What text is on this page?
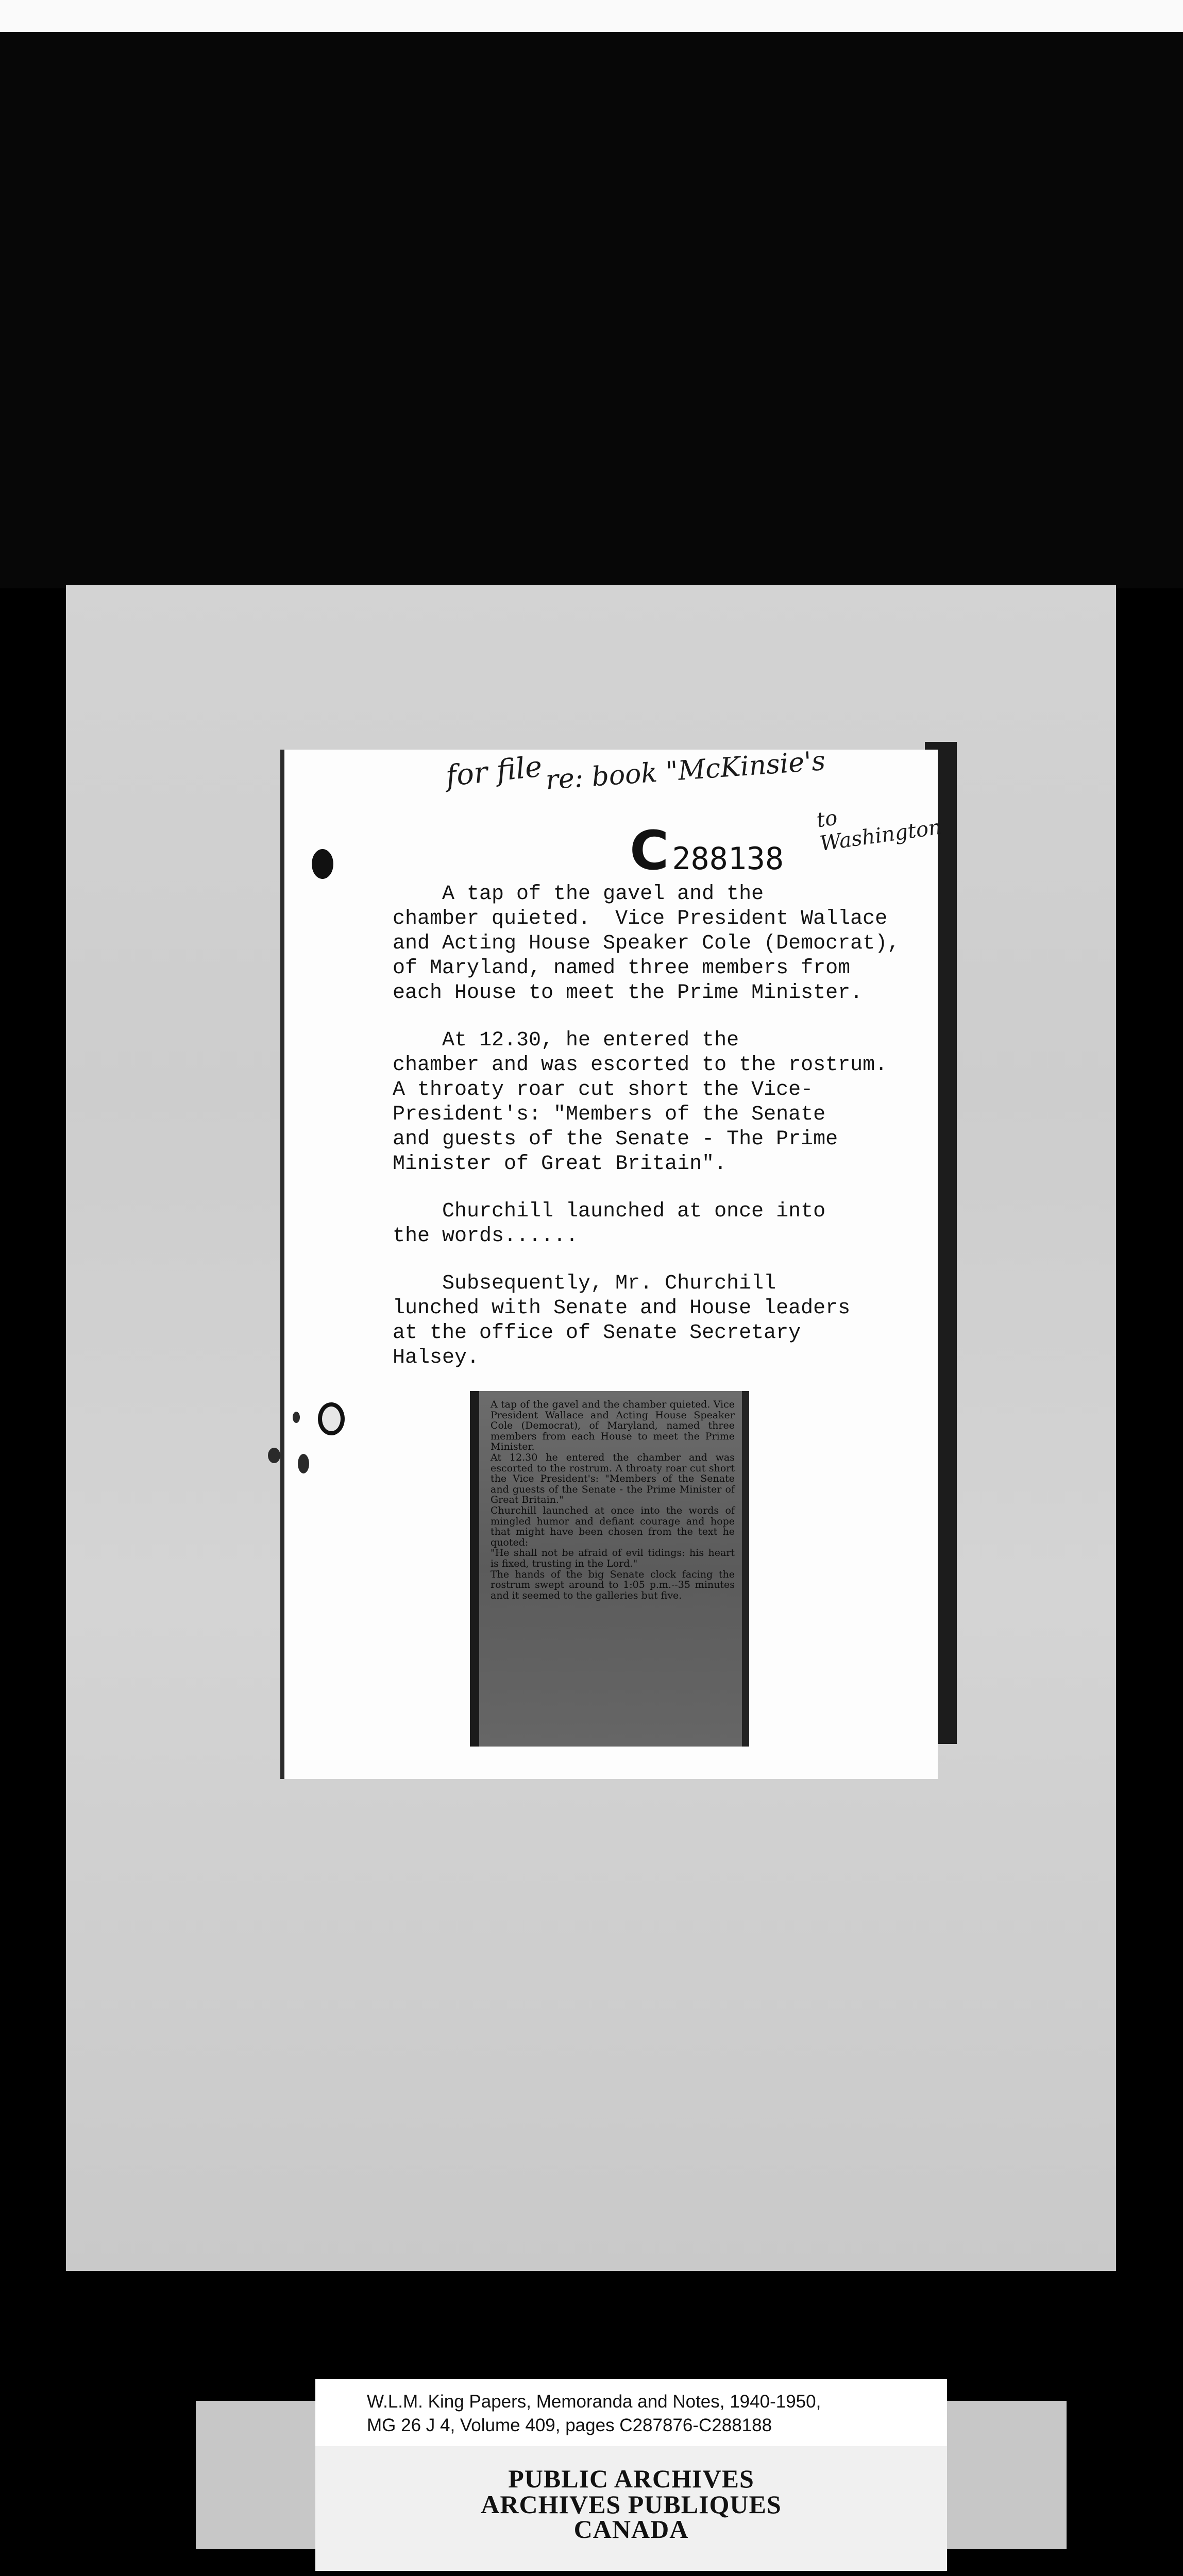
for file re: book "McKinsie's
to Washington
C 288138

A tap of the gavel and the
chamber quieted.  Vice President Wallace
and Acting House Speaker Cole (Democrat),
of Maryland, named three members from
each House to meet the Prime Minister.

At 12.30, he entered the
chamber and was escorted to the rostrum.
A throaty roar cut short the Vice-
President's: "Members of the Senate
and guests of the Senate - The Prime
Minister of Great Britain".

Churchill launched at once into
the words......

Subsequently, Mr. Churchill
lunched with Senate and House leaders
at the office of Senate Secretary
Halsey.

A tap of the gavel and the chamber quieted. Vice President Wallace and Acting House Speaker Cole (Democrat), of Maryland, named three members from each House to meet the Prime Minister.

At 12.30 he entered the chamber and was escorted to the rostrum. A throaty roar cut short the Vice President's: "Members of the Senate and guests of the Senate - the Prime Minister of Great Britain."

Churchill launched at once into the words of mingled humor and defiant courage and hope that might have been chosen from the text he quoted:

"He shall not be afraid of evil tidings: his heart is fixed, trusting in the Lord."

The hands of the big Senate clock facing the rostrum swept around to 1:05 p.m.--35 minutes and it seemed to the galleries but five.

W.L.M. King Papers, Memoranda and Notes, 1940-1950,
MG 26 J 4, Volume 409, pages C287876-C288188
PUBLIC ARCHIVES
ARCHIVES PUBLIQUES
CANADA
